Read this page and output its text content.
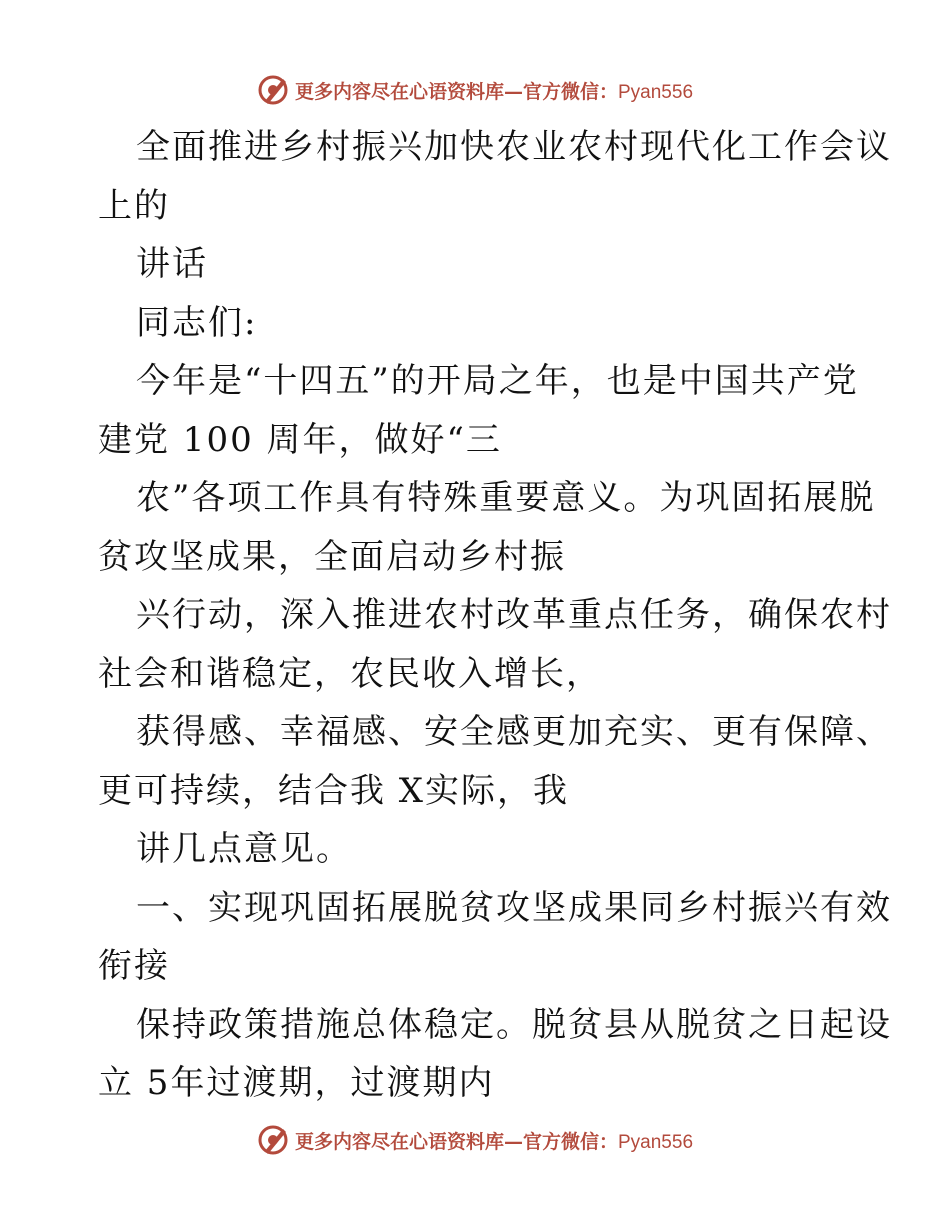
更多内容尽在心语资料库—官方微信：Pyan556
全面推进乡村振兴加快农业农村现代化工作会议
上的
讲话
同志们:
今年是“十四五”的开局之年，也是中国共产党
建党 100 周年，做好“三
农”各项工作具有特殊重要意义。为巩固拓展脱
贫攻坚成果，全面启动乡村振
兴行动，深入推进农村改革重点任务，确保农村
社会和谐稳定，农民收入增长，
获得感、幸福感、安全感更加充实、更有保障、
更可持续，结合我 X实际，我
讲几点意见。
一、实现巩固拓展脱贫攻坚成果同乡村振兴有效
衔接
保持政策措施总体稳定。脱贫县从脱贫之日起设
立 5年过渡期，过渡期内
更多内容尽在心语资料库—官方微信：Pyan556
